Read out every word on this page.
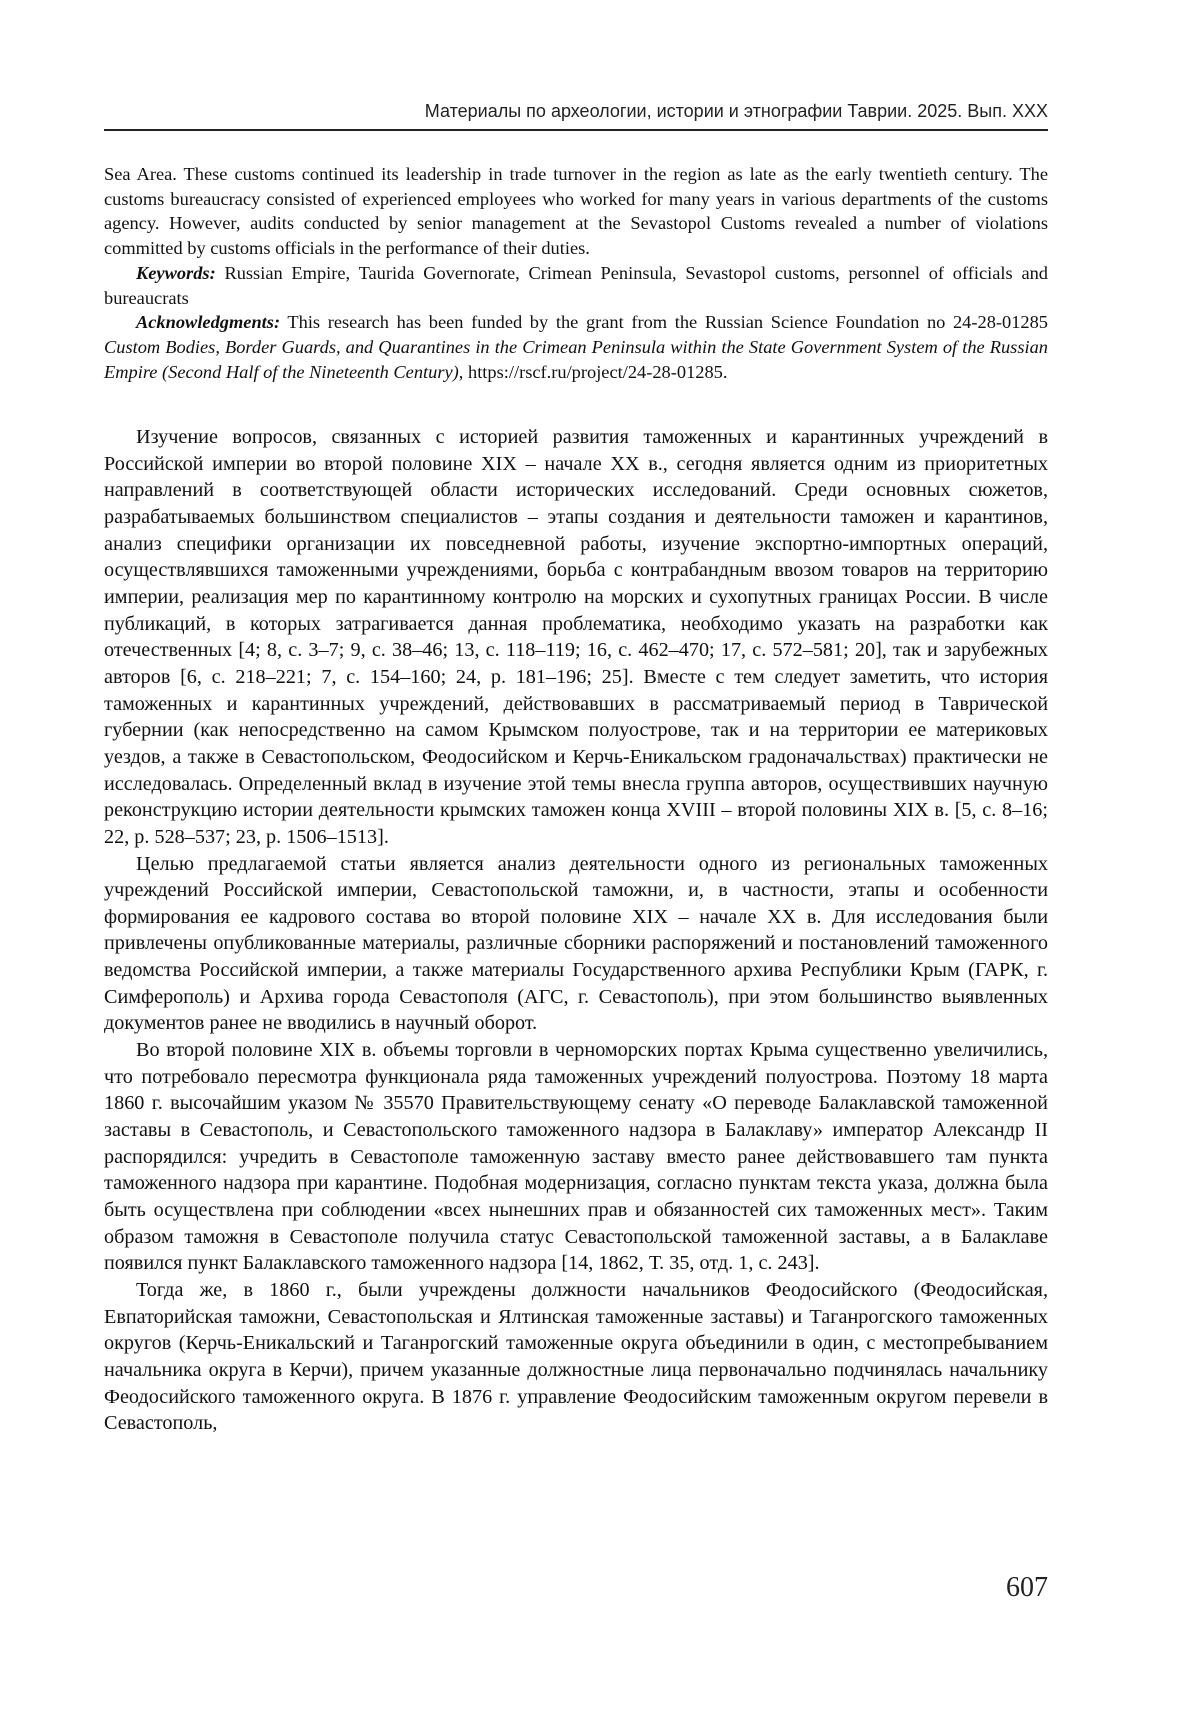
Материалы по археологии, истории и этнографии Таврии. 2025. Вып. XXX

Sea Area. These customs continued its leadership in trade turnover in the region as late as the early twentieth century. The customs bureaucracy consisted of experienced employees who worked for many years in various departments of the customs agency. However, audits conducted by senior management at the Sevastopol Customs revealed a number of violations committed by customs officials in the performance of their duties.

Keywords: Russian Empire, Taurida Governorate, Crimean Peninsula, Sevastopol customs, personnel of officials and bureaucrats

Acknowledgments: This research has been funded by the grant from the Russian Science Foundation no 24-28-01285 Custom Bodies, Border Guards, and Quarantines in the Crimean Peninsula within the State Government System of the Russian Empire (Second Half of the Nineteenth Century), https://rscf.ru/project/24-28-01285.

Изучение вопросов, связанных с историей развития таможенных и карантинных учреждений в Российской империи во второй половине XIX – начале XX в., сегодня является одним из приоритетных направлений в соответствующей области исторических исследований. Среди основных сюжетов, разрабатываемых большинством специалистов – этапы создания и деятельности таможен и карантинов, анализ специфики организации их повседневной работы, изучение экспортно-импортных операций, осуществлявшихся таможенными учреждениями, борьба с контрабандным ввозом товаров на территорию империи, реализация мер по карантинному контролю на морских и сухопутных границах России. В числе публикаций, в которых затрагивается данная проблематика, необходимо указать на разработки как отечественных [4; 8, с. 3–7; 9, с. 38–46; 13, с. 118–119; 16, с. 462–470; 17, с. 572–581; 20], так и зарубежных авторов [6, с. 218–221; 7, с. 154–160; 24, p. 181–196; 25]. Вместе с тем следует заметить, что история таможенных и карантинных учреждений, действовавших в рассматриваемый период в Таврической губернии (как непосредственно на самом Крымском полуострове, так и на территории ее материковых уездов, а также в Севастопольском, Феодосийском и Керчь-Еникальском градоначальствах) практически не исследовалась. Определенный вклад в изучение этой темы внесла группа авторов, осуществивших научную реконструкцию истории деятельности крымских таможен конца XVIII – второй половины XIX в. [5, с. 8–16; 22, p. 528–537; 23, p. 1506–1513].

Целью предлагаемой статьи является анализ деятельности одного из региональных таможенных учреждений Российской империи, Севастопольской таможни, и, в частности, этапы и особенности формирования ее кадрового состава во второй половине XIX – начале XX в. Для исследования были привлечены опубликованные материалы, различные сборники распоряжений и постановлений таможенного ведомства Российской империи, а также материалы Государственного архива Республики Крым (ГАРК, г. Симферополь) и Архива города Севастополя (АГС, г. Севастополь), при этом большинство выявленных документов ранее не вводились в научный оборот.

Во второй половине XIX в. объемы торговли в черноморских портах Крыма существенно увеличились, что потребовало пересмотра функционала ряда таможенных учреждений полуострова. Поэтому 18 марта 1860 г. высочайшим указом № 35570 Правительствующему сенату «О переводе Балаклавской таможенной заставы в Севастополь, и Севастопольского таможенного надзора в Балаклаву» император Александр II распорядился: учредить в Севастополе таможенную заставу вместо ранее действовавшего там пункта таможенного надзора при карантине. Подобная модернизация, согласно пунктам текста указа, должна была быть осуществлена при соблюдении «всех нынешних прав и обязанностей сих таможенных мест». Таким образом таможня в Севастополе получила статус Севастопольской таможенной заставы, а в Балаклаве появился пункт Балаклавского таможенного надзора [14, 1862, Т. 35, отд. 1, с. 243].

Тогда же, в 1860 г., были учреждены должности начальников Феодосийского (Феодосийская, Евпаторийская таможни, Севастопольская и Ялтинская таможенные заставы) и Таганрогского таможенных округов (Керчь-Еникальский и Таганрогский таможенные округа объединили в один, с местопребыванием начальника округа в Керчи), причем указанные должностные лица первоначально подчинялась начальнику Феодосийского таможенного округа. В 1876 г. управление Феодосийским таможенным округом перевели в Севастополь,

607
